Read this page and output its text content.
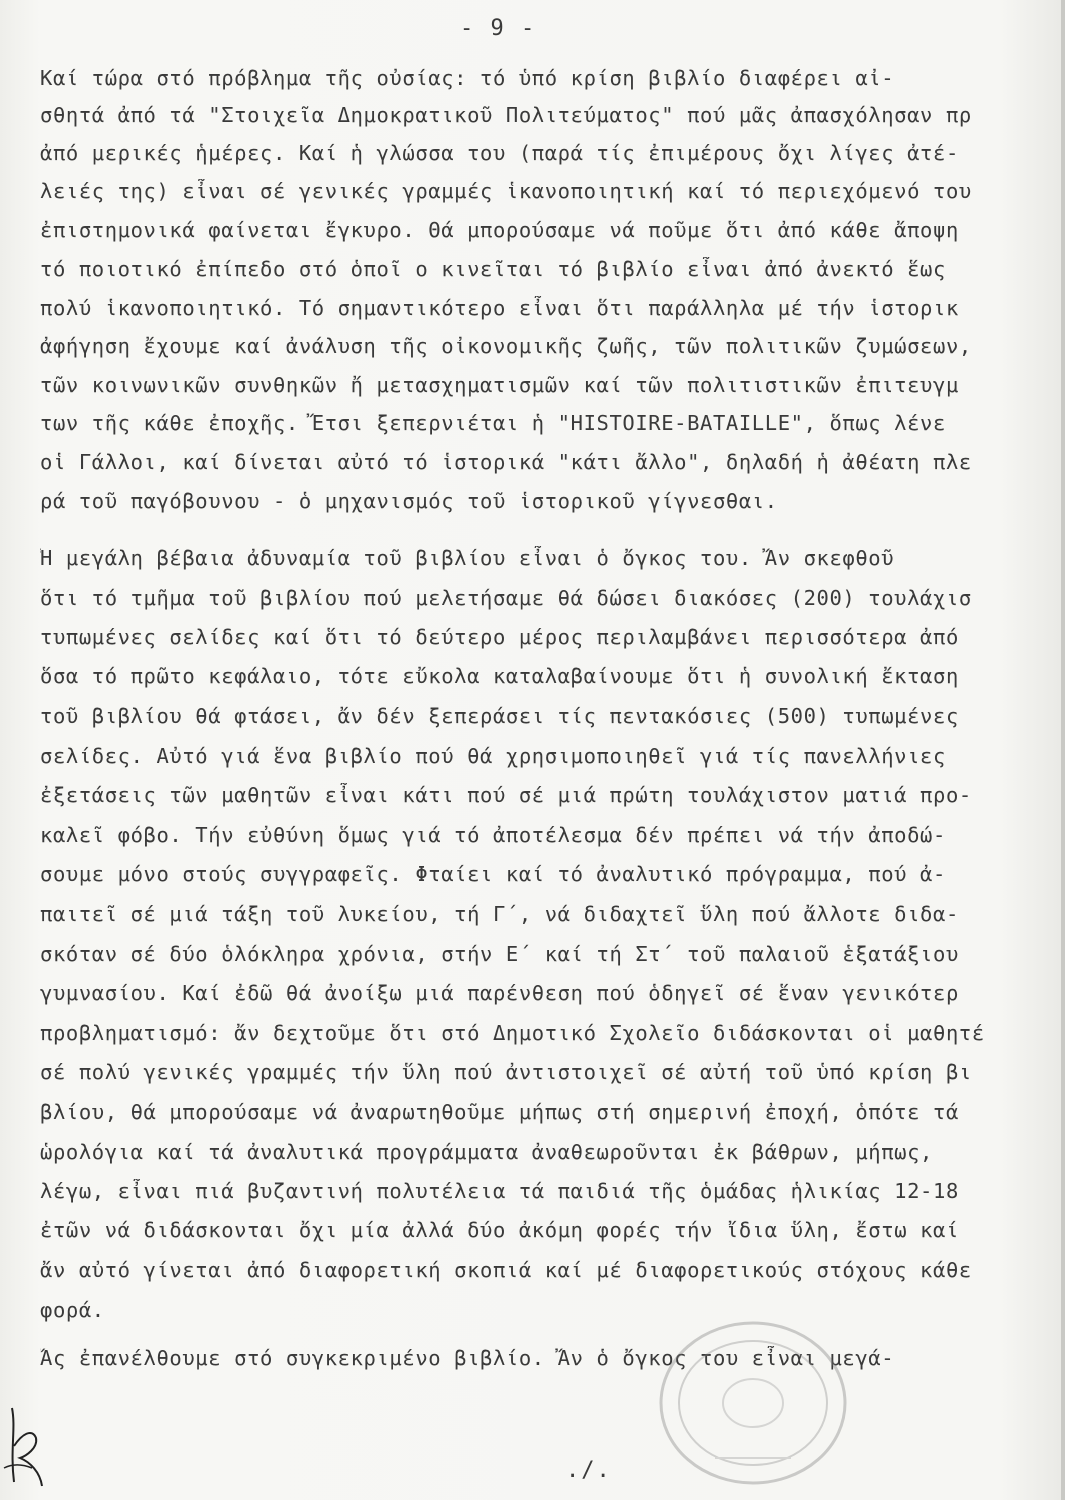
- 9 -
Καί τώρα στό πρόβλημα τῆς οὐσίας: τό ὑπό κρίση βιβλίο διαφέρει αἰ-
σθητά ἀπό τά "Στοιχεῖα Δημοκρατικοῦ Πολιτεύματος" πού μᾶς ἀπασχόλησαν πρ
ἀπό μερικές ἡμέρες. Καί ἡ γλώσσα του (παρά τίς ἐπιμέρους ὄχι λίγες ἀτέ-
λειές της) εἶναι σέ γενικές γραμμές ἱκανοποιητική καί τό περιεχόμενό του
ἐπιστημονικά φαίνεται ἔγκυρο. Θά μπορούσαμε νά ποῦμε ὅτι ἀπό κάθε ἄποψη
τό ποιοτικό ἐπίπεδο στό ὁποῖ ο κινεῖται τό βιβλίο εἶναι ἀπό ἀνεκτό ἕως
πολύ ἱκανοποιητικό. Τό σημαντικότερο εἶναι ὅτι παράλληλα μέ τήν ἱστορικ
ἀφήγηση ἔχουμε καί ἀνάλυση τῆς οἰκονομικῆς ζωῆς, τῶν πολιτικῶν ζυμώσεων,
τῶν κοινωνικῶν συνθηκῶν ἤ μετασχηματισμῶν καί τῶν πολιτιστικῶν ἐπιτευγμ
των τῆς κάθε ἐποχῆς. Ἔτσι ξεπερνιέται ἡ "HISTOIRE-BATAILLE", ὅπως λένε
οἱ Γάλλοι, καί δίνεται αὐτό τό ἱστορικά "κάτι ἄλλο", δηλαδή ἡ ἀθέατη πλε
ρά τοῦ παγόβουνου - ὁ μηχανισμός τοῦ ἱστορικοῦ γίγνεσθαι.
Ἡ μεγάλη βέβαια ἀδυναμία τοῦ βιβλίου εἶναι ὁ ὄγκος του. Ἄν σκεφθοῦ
ὅτι τό τμῆμα τοῦ βιβλίου πού μελετήσαμε θά δώσει διακόσες (200) τουλάχισ
τυπωμένες σελίδες καί ὅτι τό δεύτερο μέρος περιλαμβάνει περισσότερα ἀπό
ὅσα τό πρῶτο κεφάλαιο, τότε εὔκολα καταλαβαίνουμε ὅτι ἡ συνολική ἔκταση
τοῦ βιβλίου θά φτάσει, ἄν δέν ξεπεράσει τίς πεντακόσιες (500) τυπωμένες
σελίδες. Αὐτό γιά ἕνα βιβλίο πού θά χρησιμοποιηθεῖ γιά τίς πανελλήνιες
ἐξετάσεις τῶν μαθητῶν εἶναι κάτι πού σέ μιά πρώτη τουλάχιστον ματιά προ-
καλεῖ φόβο. Τήν εὐθύνη ὅμως γιά τό ἀποτέλεσμα δέν πρέπει νά τήν ἀποδώ-
σουμε μόνο στούς συγγραφεῖς. Φταίει καί τό ἀναλυτικό πρόγραμμα, πού ἀ-
παιτεῖ σέ μιά τάξη τοῦ λυκείου, τή Γ΄, νά διδαχτεῖ ὕλη πού ἄλλοτε διδα-
σκόταν σέ δύο ὁλόκληρα χρόνια, στήν Ε΄ καί τή Στ΄ τοῦ παλαιοῦ ἑξατάξιου
γυμνασίου. Καί ἐδῶ θά ἀνοίξω μιά παρένθεση πού ὁδηγεῖ σέ ἕναν γενικότερ
προβληματισμό: ἄν δεχτοῦμε ὅτι στό Δημοτικό Σχολεῖο διδάσκονται οἱ μαθητέ
σέ πολύ γενικές γραμμές τήν ὕλη πού ἀντιστοιχεῖ σέ αὐτή τοῦ ὑπό κρίση βι
βλίου, θά μπορούσαμε νά ἀναρωτηθοῦμε μήπως στή σημερινή ἐποχή, ὁπότε τά
ὡρολόγια καί τά ἀναλυτικά προγράμματα ἀναθεωροῦνται ἐκ βάθρων, μήπως,
λέγω, εἶναι πιά βυζαντινή πολυτέλεια τά παιδιά τῆς ὁμάδας ἡλικίας 12-18
ἐτῶν νά διδάσκονται ὄχι μία ἀλλά δύο ἀκόμη φορές τήν ἴδια ὕλη, ἔστω καί
ἄν αὐτό γίνεται ἀπό διαφορετική σκοπιά καί μέ διαφορετικούς στόχους κάθε
φορά.
Ἄς ἐπανέλθουμε στό συγκεκριμένο βιβλίο. Ἄν ὁ ὄγκος του εἶναι μεγά-
./.
